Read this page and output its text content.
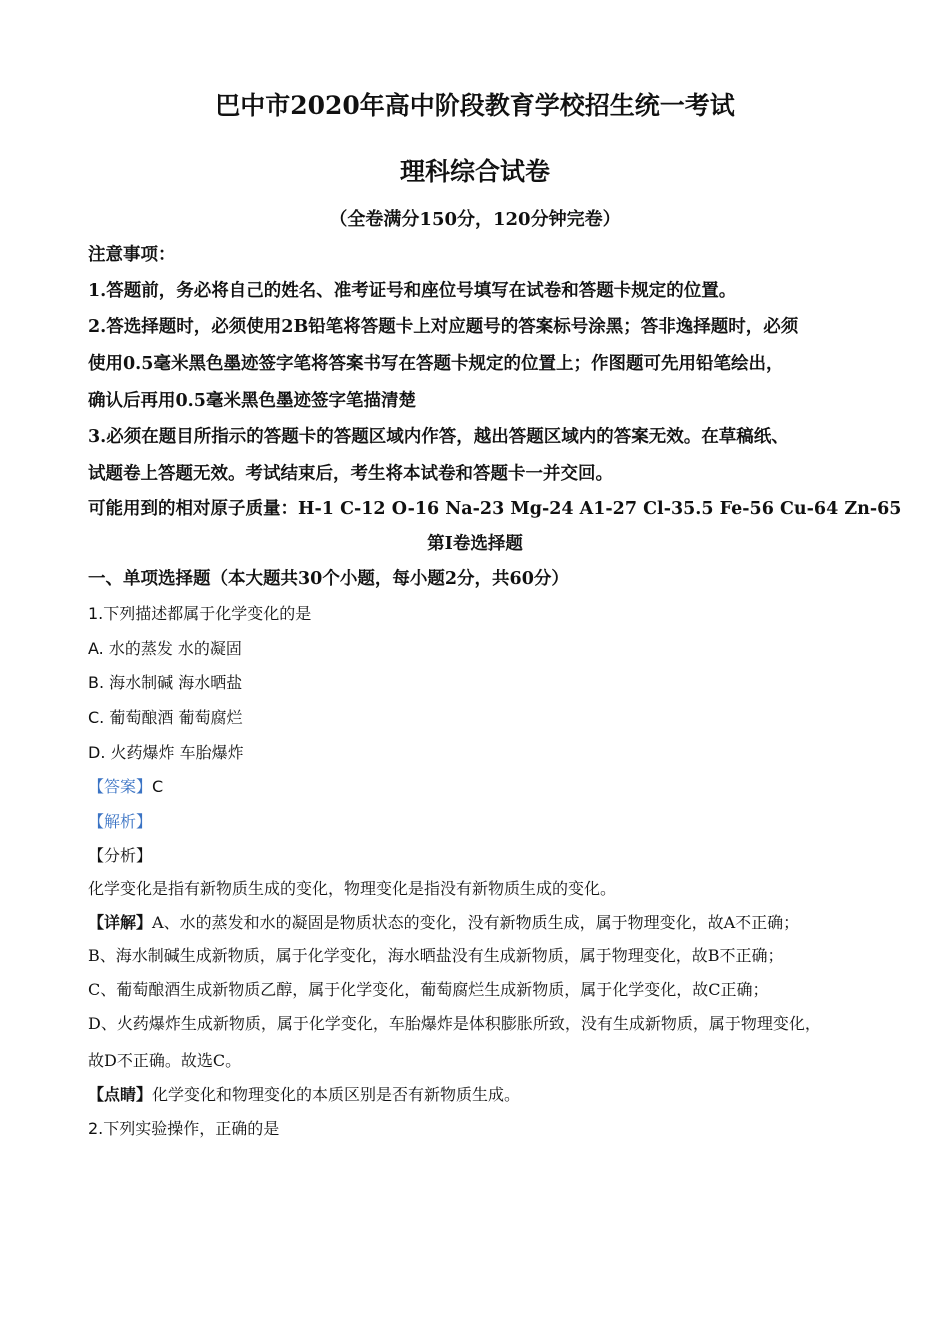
巴中市2020年高中阶段教育学校招生统一考试
理科综合试卷
（全卷满分150分，120分钟完卷）
注意事项：
1.答题前，务必将自己的姓名、准考证号和座位号填写在试卷和答题卡规定的位置。
2.答选择题时，必须使用2B铅笔将答题卡上对应题号的答案标号涂黑；答非逸择题时，必须
使用0.5毫米黑色墨迹签字笔将答案书写在答题卡规定的位置上；作图题可先用铅笔绘出，
确认后再用0.5毫米黑色墨迹签字笔描清楚
3.必须在题目所指示的答题卡的答题区域内作答，越出答题区域内的答案无效。在草稿纸、
试题卷上答题无效。考试结束后，考生将本试卷和答题卡一并交回。
可能用到的相对原子质量：H-1 C-12 O-16 Na-23 Mg-24 A1-27 Cl-35.5 Fe-56 Cu-64 Zn-65
第Ⅰ卷选择题
一、单项选择题（本大题共30个小题，每小题2分，共60分）
1.下列描述都属于化学变化的是
A. 水的蒸发 水的凝固
B. 海水制碱 海水晒盐
C. 葡萄酿酒 葡萄腐烂
D. 火药爆炸 车胎爆炸
【答案】C
【解析】
【分析】
化学变化是指有新物质生成的变化，物理变化是指没有新物质生成的变化。
【详解】A、水的蒸发和水的凝固是物质状态的变化，没有新物质生成，属于物理变化，故A不正确；
B、海水制碱生成新物质，属于化学变化，海水晒盐没有生成新物质，属于物理变化，故B不正确；
C、葡萄酿酒生成新物质乙醇，属于化学变化，葡萄腐烂生成新物质，属于化学变化，故C正确；
D、火药爆炸生成新物质，属于化学变化，车胎爆炸是体积膨胀所致，没有生成新物质，属于物理变化，
故D不正确。故选C。
【点睛】化学变化和物理变化的本质区别是否有新物质生成。
2.下列实验操作，正确的是
